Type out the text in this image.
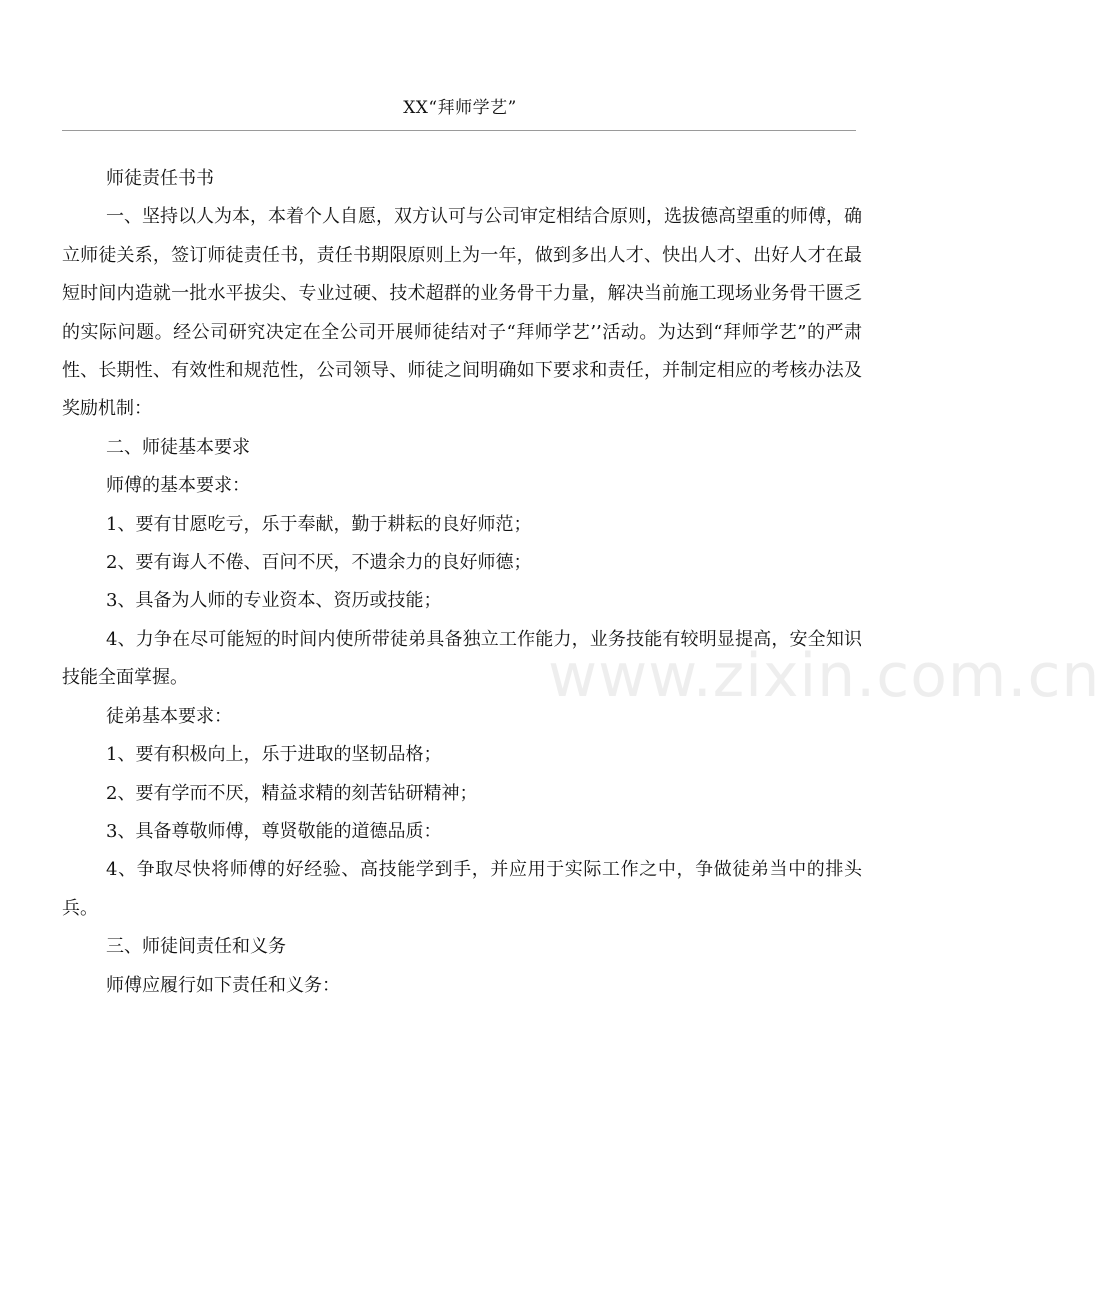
XX“拜师学艺”
www.zixin.com.cn

师徒责任书书

一、坚持以人为本，本着个人自愿，双方认可与公司审定相结合原则，选拔德高望重的师傅，确立师徒关系，签订师徒责任书，责任书期限原则上为一年，做到多出人才、快出人才、出好人才在最短时间内造就一批水平拔尖、专业过硬、技术超群的业务骨干力量，解决当前施工现场业务骨干匮乏的实际问题。经公司研究决定在全公司开展师徒结对子“拜师学艺’’活动。为达到“拜师学艺”的严肃性、长期性、有效性和规范性，公司领导、师徒之间明确如下要求和责任，并制定相应的考核办法及奖励机制：

二、师徒基本要求

师傅的基本要求：

1、要有甘愿吃亏，乐于奉献，勤于耕耘的良好师范；

2、要有诲人不倦、百问不厌，不遗余力的良好师德；

3、具备为人师的专业资本、资历或技能；

4、力争在尽可能短的时间内使所带徒弟具备独立工作能力，业务技能有较明显提高，安全知识技能全面掌握。

徒弟基本要求：

1、要有积极向上，乐于进取的坚韧品格；

2、要有学而不厌，精益求精的刻苦钻研精神；

3、具备尊敬师傅，尊贤敬能的道德品质：

4、争取尽快将师傅的好经验、高技能学到手，并应用于实际工作之中，争做徒弟当中的排头兵。

三、师徒间责任和义务

师傅应履行如下责任和义务：
